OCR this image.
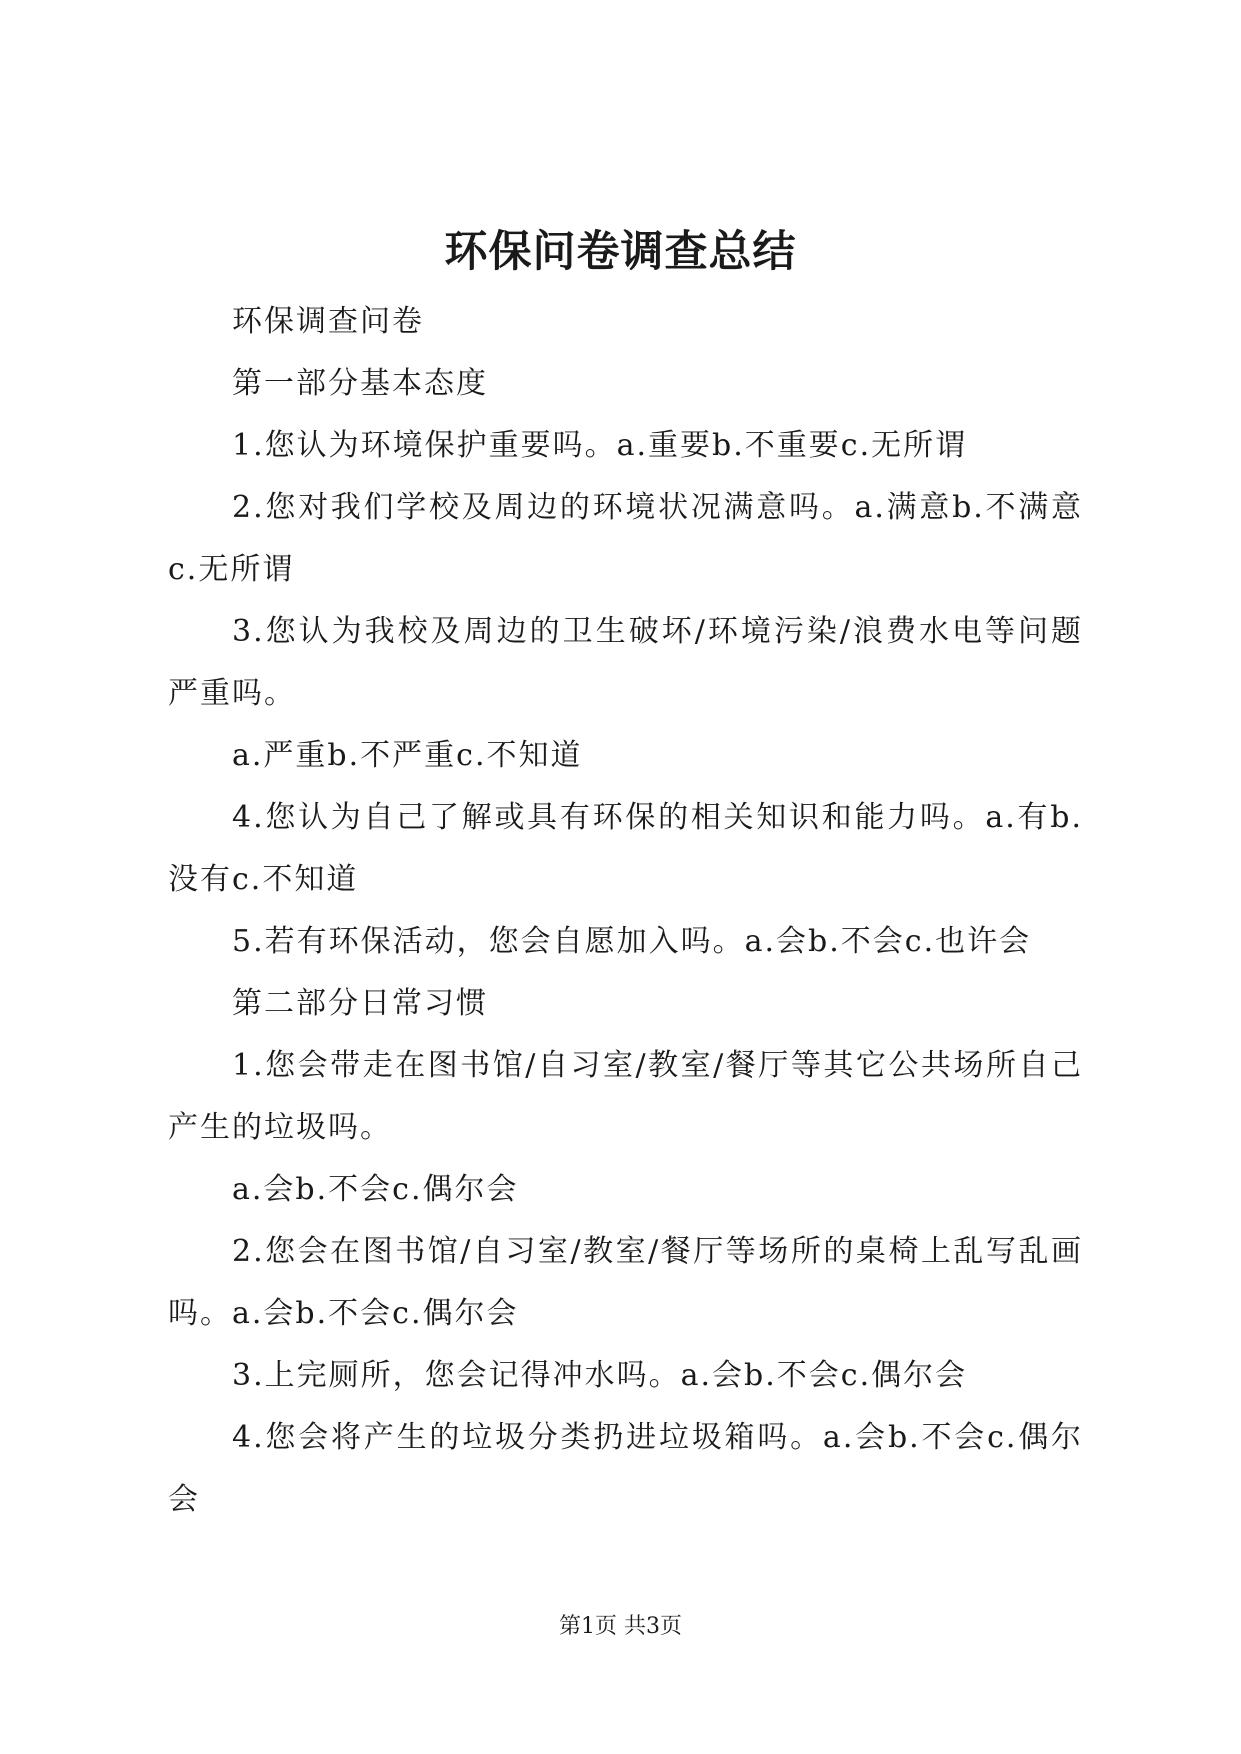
环保问卷调查总结

环保调查问卷

第一部分基本态度

1.您认为环境保护重要吗。a.重要b.不重要c.无所谓

2.您对我们学校及周边的环境状况满意吗。a.满意b.不满意c.无所谓

3.您认为我校及周边的卫生破坏/环境污染/浪费水电等问题严重吗。

a.严重b.不严重c.不知道

4.您认为自己了解或具有环保的相关知识和能力吗。a.有b.没有c.不知道

5.若有环保活动，您会自愿加入吗。a.会b.不会c.也许会

第二部分日常习惯

1.您会带走在图书馆/自习室/教室/餐厅等其它公共场所自己产生的垃圾吗。

a.会b.不会c.偶尔会

2.您会在图书馆/自习室/教室/餐厅等场所的桌椅上乱写乱画吗。a.会b.不会c.偶尔会

3.上完厕所，您会记得冲水吗。a.会b.不会c.偶尔会

4.您会将产生的垃圾分类扔进垃圾箱吗。a.会b.不会c.偶尔会

第1页 共3页
